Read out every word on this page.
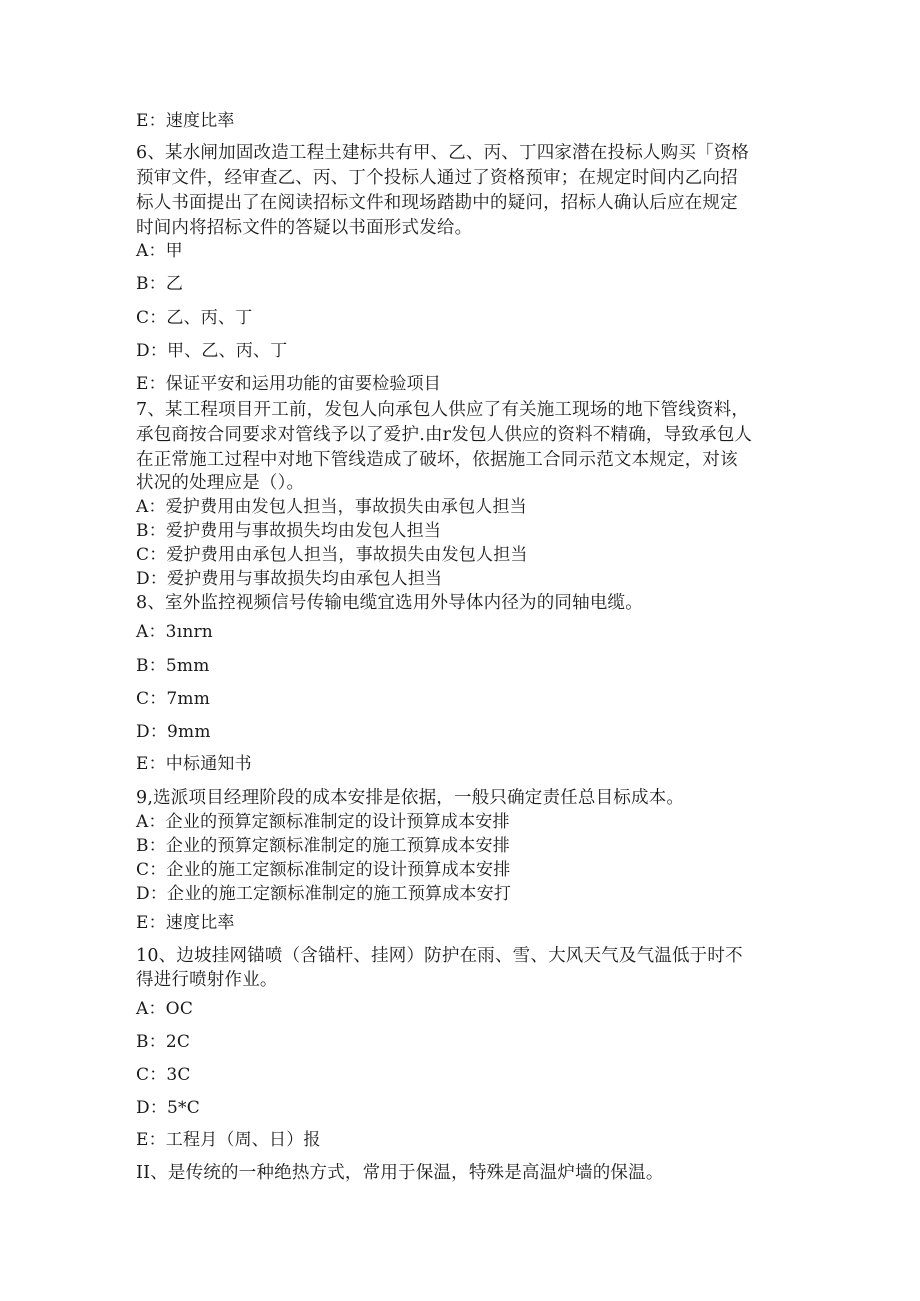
E：速度比率
6、某水闸加固改造工程土建标共有甲、乙、丙、丁四家潜在投标人购买「资格
预审文件，经审查乙、丙、丁个投标人通过了资格预审；在规定时间内乙向招
标人书面提出了在阅读招标文件和现场踏勘中的疑问，招标人确认后应在规定
时间内将招标文件的答疑以书面形式发给。
A：甲
B：乙
C：乙、丙、丁
D：甲、乙、丙、丁
E：保证平安和运用功能的宙要检验项目
7、某工程项目开工前，发包人向承包人供应了有关施工现场的地下管线资料，
承包商按合同要求对管线予以了爱护.由r发包人供应的资料不精确，导致承包人
在正常施工过程中对地下管线造成了破坏，依据施工合同示范文本规定，对该
状况的处理应是（）。
A：爱护费用由发包人担当，事故损失由承包人担当
B：爱护费用与事故损失均由发包人担当
C：爱护费用由承包人担当，事故损失由发包人担当
D：爱护费用与事故损失均由承包人担当
8、室外监控视频信号传输电缆宜选用外导体内径为的同轴电缆。
A：3ınrn
B：5mm
C：7mm
D：9mm
E：中标通知书
9,选派项目经理阶段的成本安排是依据，一般只确定责任总目标成本。
A：企业的预算定额标准制定的设计预算成本安排
B：企业的预算定额标准制定的施工预算成本安排
C：企业的施工定额标准制定的设计预算成本安排
D：企业的施工定额标准制定的施工预算成本安打
E：速度比率
10、边坡挂网锚喷（含锚杆、挂网）防护在雨、雪、大风天气及气温低于时不
得进行喷射作业。
A：OC
B：2C
C：3C
D：5*C
E：工程月（周、日）报
II、是传统的一种绝热方式，常用于保温，特殊是高温炉墙的保温。
